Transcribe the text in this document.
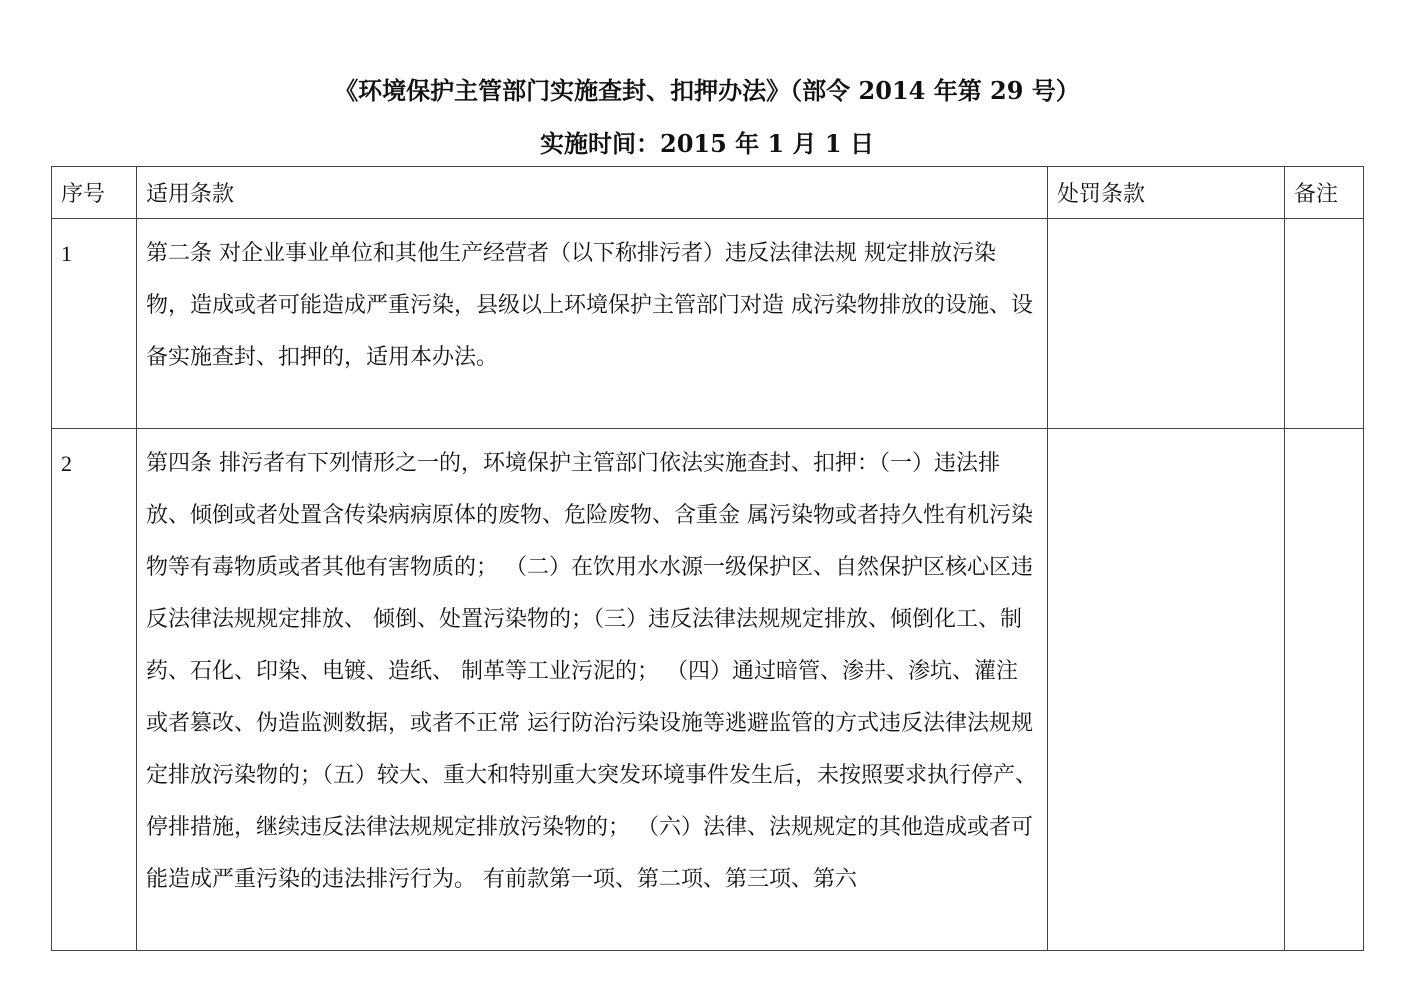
《环境保护主管部门实施查封、扣押办法》（部令 2014 年第 29 号）
实施时间：2015 年 1 月 1 日
序号	适用条款	处罚条款	备注
1	第二条 对企业事业单位和其他生产经营者（以下称排污者）违反法律法规 规定排放污染物，造成或者可能造成严重污染，县级以上环境保护主管部门对造 成污染物排放的设施、设备实施查封、扣押的，适用本办法。		
2	第四条 排污者有下列情形之一的，环境保护主管部门依法实施查封、扣押：（一）违法排放、倾倒或者处置含传染病病原体的废物、危险废物、含重金 属污染物或者持久性有机污染物等有毒物质或者其他有害物质的； （二）在饮用水水源一级保护区、自然保护区核心区违反法律法规规定排放、 倾倒、处置污染物的；（三）违反法律法规规定排放、倾倒化工、制药、石化、印染、电镀、造纸、 制革等工业污泥的； （四）通过暗管、渗井、渗坑、灌注或者篡改、伪造监测数据，或者不正常 运行防治污染设施等逃避监管的方式违反法律法规规定排放污染物的；（五）较大、重大和特别重大突发环境事件发生后，未按照要求执行停产、 停排措施，继续违反法律法规规定排放污染物的； （六）法律、法规规定的其他造成或者可能造成严重污染的违法排污行为。 有前款第一项、第二项、第三项、第六		
